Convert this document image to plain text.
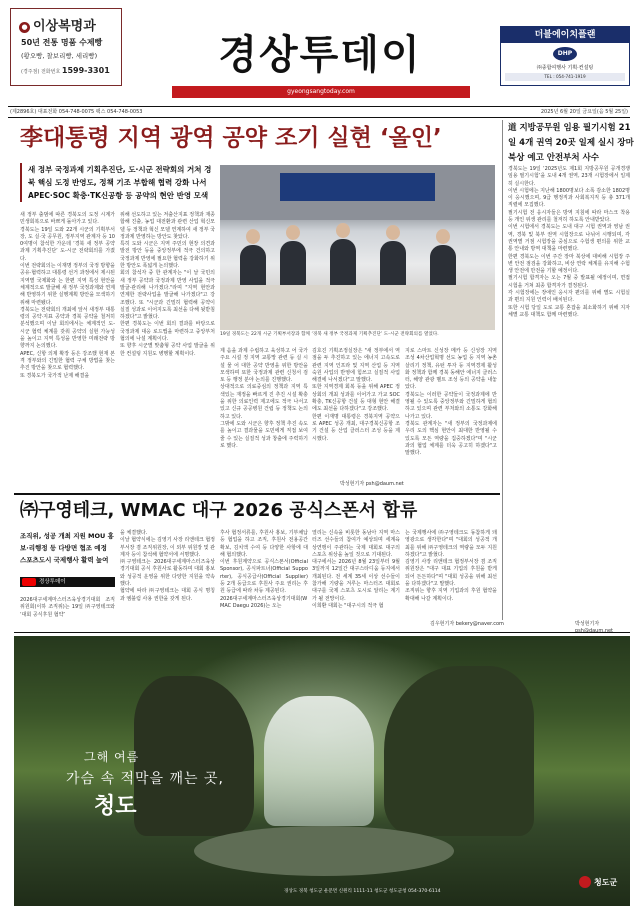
● 이상복명과
50년 전통 명품 수제빵
(황오빵, 찰보리빵, 세리빵)
(경주점) 전화번호 1599-3301	경상투데이
gyeongsangtoday.com
더블에이치플랜
DHP
㈜종합여행사 기획·컨설팅
TEL : 054-741-1919
(제2896호) 대표전화 054-748-0075 팩스 054-748-0053	2025년 6월 20일 금요일(음 5월 25일)
李대통령 지역 광역 공약 조기 실현 ‘올인’	道 지방공무원 임용 필기시험 21일 4개 권역 20곳 일제 실시 장마 북상 예고 안전부처 사수
새 정부 국정과제 기획추진단, 도·시군 전략회의 거쳐 경북 핵심 도정 반영도, 정책 기조 부합해 협력 강화 나서 APEC·SOC 확충·TK신공항 등 공약의 현안 반영 모색
새 정부 출범에 따른 경북도의 도정 시계가 민생회복으로 바쁘게 돌아가고 있다.
경북도는 19일 도와 22개 시군의 기획부서장, 도 실·국 공무원, 정부지역 관계자 등 100여명이 참석한 가운데 ‘경북 새 정부 공약과제 기획추진단’ 도-시군 전략회의를 가졌다.
이번 전략회의는 이재명 정부의 국정 방향을 공유·협력하고 대통령 선거 과정에서 제시된 지역별 국제화와 는 한편 지역 특성 현안을 체계적으로 발굴해 새 정부 국정과제와 연계해 반영하기 위한 실행계획 방안을 모색하기 위해 마련됐다.
경북도는 전략회의 개최에 앞서 새정부 대통령의 공약·지표 공약과 경북 공약을 철저히 분석했으며 이날 회의에서는 체계적인 도-시군 협력 체계를 갖춰 공약의 실현 가능성을 높이고 지역 특성을 반영한 미래전략 방향까지 논의했다.
APEC, 신항 의제 확장 등은 강조했 현재 본격 정부와의 긴밀한 협력 구체 방법을 찾는 추진 방안을 찾으로 협력했다.
또 경북도가 국가적 난제 해결을
위해 선도하고 있는 저출산지표 정책과 재종합해 진출, 농업 대전환과 관련 산업 혁신모델 등 정책과 혁신 모델 연계하여 새 정부 국정과제 반영하는 방안도 찾았다.
특히 도와 시군은 지역 주민의 현장 의견과 발전 방안 등을 중앙정부에 적극 건의하고 국정과제 반영에 필요한 협력을 강화하기 위한 방안도 폭넓게 논의했다.
회의 참석자 중 한 관계자는 "이 날 국민의 새 정부 공약과 국정과제 반영 사업을 적극 발굴·관리해 나가겠다."라며 "지역 현안과 연계한 전략사업을 발굴해 나가겠다"고 강조했다. 또 "시군과 긴밀히 협력해 공약이 실질 성과로 이어지도록 최선을 다해 뒷받침하겠다"고 밝혔다.
한편 경북도는 이번 회의 결과를 바탕으로 국정과제 대응 로드맵을 마련하고 중앙부처 협의에 나설 계획이다.
또 향후 시군별 맞춤형 공약 사업 발굴을 위한 컨설팅 지원도 병행할 계획이다.
19일 경북도는 22개 시군 기획부서장과 함께 ‘경북 새 정부 국정과제 기획추진단’ 도-시군 전략회의를 열었다.
제 음을 과제 수립하고 육성하고 어 국가 주요 시설 정 지역 교통망 관련 등 실 시설 물 어 대한 공약 반영을 위한 방안을 모색하며 또한 국정과제 관련 신청서 검토 등 행정 분야 논의를 진행했다.
상대적으로 의료중심의 정책과 지역 특색있는 재정을 빠르게 진 추진 시설 확충을 위한 의료인력 제고에도 적극 나서고 있고 신규 공공병원 건립 등 정책도 논의하고 있다.
그밖에 도와 시군은 향후 정책 추진 속도를 높이고 결과물을 도민에게 직접 보여줄 수 있는 실질적 성과 창출에 주력하기로 했다.
김호진 기획조정실장은 "새 정부에서 역점을 두 추진하고 있는 에너지 고속도로 관련 지역 인프라 및 지역 산업 등 지역 숙원 사업의 반영에 힘쓰고 실질적 사업 해결에 나서겠다"고 말했다.
또한 지역경제 회복 등을 위해 APEC 정상회의 개최 성과를 이어가고 가교 SOC 확충, TK신공항 건설 등 대형 현안 해결에도 최선을 다하겠다"고 강조했다.
한편 이재명 대통령은 경북지역 공약으로 APEC 성공 개최, 대구경북신공항 조기 건설 등 산업 클러스터 조성 등을 제시했다.
박성현기자 psh@daum.net
지로 스마트 신성장 메카 등 신성장 지역 조성 4차산업혁명 선도 농업 등 지역 농촌 살리기 정책, 유턴 투자 등 지역경제 활성화 정책과 함께 경북 동해안 에너지 클러스터, 해양 관광 벨트 조성 등의 공약을 내놓았다.
경북도는 이러한 공약들이 국정과제에 반영될 수 있도록 중앙정부와 긴밀하게 협의하고 있으며 관련 부처와의 소통도 강화해 나가고 있다.
경북도 관계자는 "새 정부의 국정과제에 우리 도의 핵심 현안이 최대한 반영될 수 있도록 모든 역량을 집중하겠다"며 "시군과의 협업 체계를 더욱 공고히 하겠다"고 말했다.
경북도는 19일 ‘2025년도 제1회 지방공무원 공개경쟁임용 필기시험’을 도내 4개 권역, 23개 시험장에서 일제히 실시한다.
이번 시험에는 지난해 1800명보다 소폭 감소한 1802명이 응시했으며, 9급 행정직과 사회복지직 등 총 371개 직렬에 모집했다.
필기시험 전 응시자들은 방역 지침에 따라 마스크 착용 등 개인 위생 관리를 철저히 하도록 안내받았다.
이번 시험에서 경북도는 도내 대구 시험 권역과 영남 권역, 경북 및 북부 권역 시험장으로 나뉘어 시행되며, 각 권역별 거점 시험장을 중심으로 수험생 편의를 위한 교통 안내와 방역 대책을 마련했다.
한편 경북도는 이번 주간 장마 북상에 대비해 시험장 주변 안전 점검을 강화하고, 비상 연락 체계를 유지해 수험생 안전에 만전을 기할 예정이다.
필기시험 합격자는 오는 7월 중 발표될 예정이며, 면접시험을 거쳐 최종 합격자가 결정된다.
각 시험장에는 장애인 응시자 편의를 위해 별도 시험실과 편의 지원 인력이 배치된다.
또한 시험 당일 도로 교통 혼잡을 최소화하기 위해 지자체별 교통 대책도 함께 마련했다.
㈜구영테크, WMAC 대구 2026 공식스폰서 합류
조직위, 성공 개최 지원 MOU 홍보·리행정 등 다방면 협조 예정 스포츠도시 국제행사 활력 높여
경상투데이
2026대구세계마스터즈육상경기대회 조직위원회(이하 조직위)는 19일 ㈜구영테크와 ‘대회 공식후원 협약’
을 체결했다.
이날 협약식에는 김영기 사장 리앤테크 협정부서장 겸 조직위원장, 이 외부 위원장 및 관계자 등이 참석해 협약서에 서명했다.
㈜구영테크는 2026대구세계마스터즈육상경기대회 공식 후원사로 활동하며 대회 홍보와 성공적 운영을 위한 다양한 지원을 약속했다.
협약에 따라 ㈜구영테크는 대회 공식 명칭과 엠블럼 사용 권한을 갖게 된다.
후사 협정서류를, 후원사 홍보, 기부채납 등 협업을 하고 조직, 후원사 전용공간 확보, 김치액 수여 등 다양한 사항에 대해 협의했다.
이번 후원계약으로 공식스폰서(Official Sponsor), 공식파트너(Official Supporter), 공식공급사(Official Supplier) 등 2개 등급으로 후원사 주요 권리는 후원 등급에 따라 차등 제공된다.
2026대구세계마스터즈육상경기대회(WMAC Daegu 2026)는 오는
열리는 신속을 비롯한 동남아 지역 마스터즈 선수들의 참여가 예상되며 세계육상연맹이 주관하는 국제 대회로 대구의 스포츠 위상을 높일 것으로 기대된다.
대구에서는 2026년 8월 23일부터 9월 3일까지 12일간 대구스타디움 등지에서 개최된다. 전 세계 35세 이상 선수들이 참가해 기량을 겨루는 마스터즈 대회로 대구를 국제 스포츠 도시로 알리는 계기가 될 전망이다.
이희환 대회는 "대구시의 적극 협
는 국제행사에 ㈜구영테크도 동참하게 돼 영광으로 생각한다"며 "대회의 성공적 개최를 위해 ㈜구영테크의 역량을 모두 지원하겠다"고 밝혔다.
김영기 사장 리앤테크 협정부서장 겸 조직위원장은 "대구 대표 기업의 후원을 받게 되어 든든하다"며 "대회 성공을 위해 최선을 다하겠다"고 말했다.
조직위는 향후 지역 기업과의 후원 협약을 확대해 나갈 계획이다.
김우현기자 bekery@naver.com	박성현기자
그해 여름
가슴 속 적막을 깨는 곳,
청도
경상도 경북 청도군 운문면 신원리 1111-11 청도군 청도군청 054-370-6114
청도군
